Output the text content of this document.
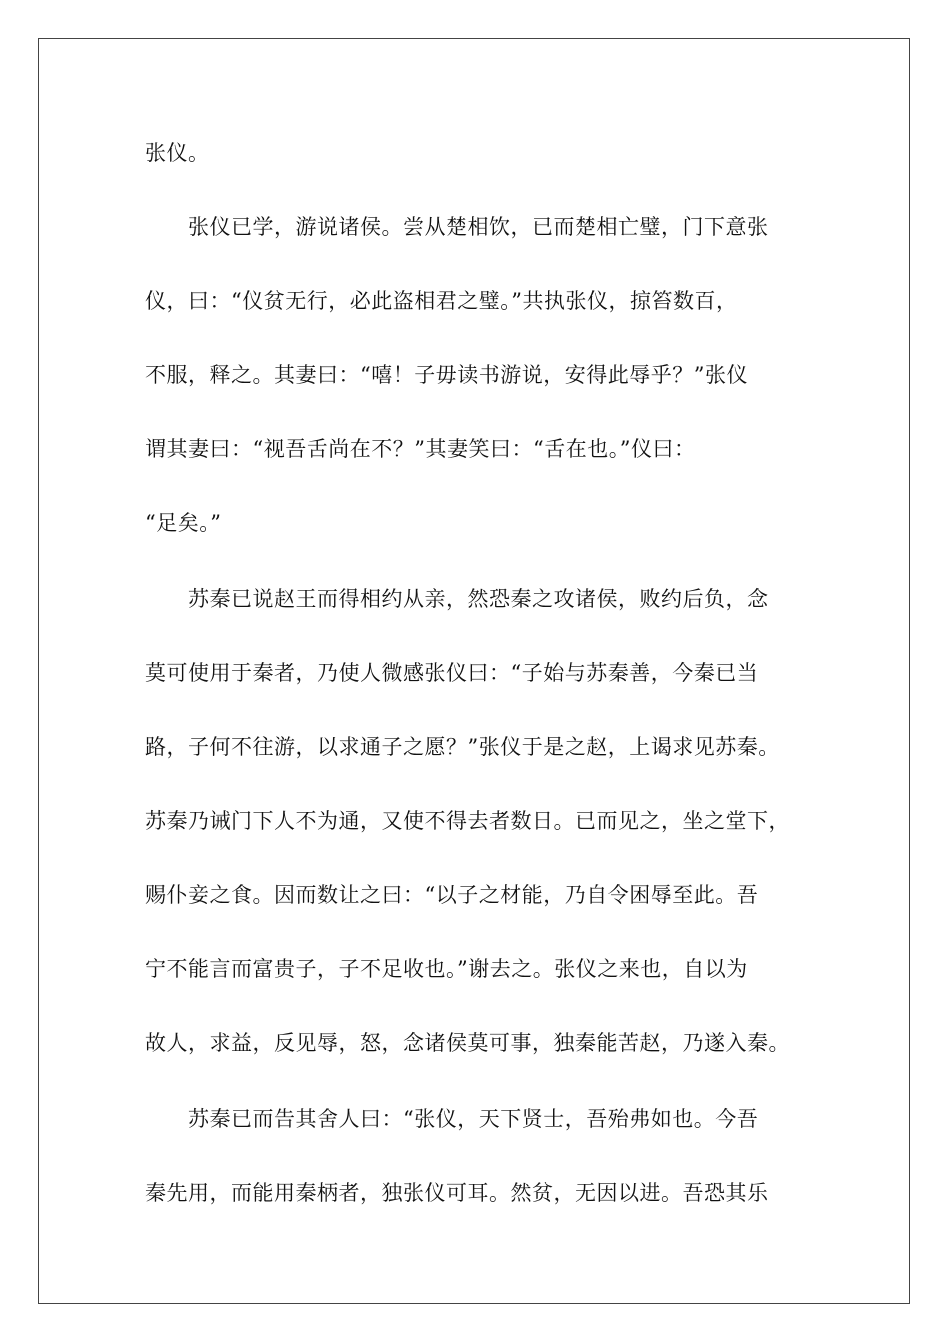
张仪。
张仪已学，游说诸侯。尝从楚相饮，已而楚相亡璧，门下意张
仪，曰：“仪贫无行，必此盗相君之璧。”共执张仪，掠笞数百，
不服，释之。其妻曰：“嘻！子毋读书游说，安得此辱乎？”张仪
谓其妻曰：“视吾舌尚在不？”其妻笑曰：“舌在也。”仪曰：
“足矣。”
苏秦已说赵王而得相约从亲，然恐秦之攻诸侯，败约后负，念
莫可使用于秦者，乃使人微感张仪曰：“子始与苏秦善，今秦已当
路，子何不往游，以求通子之愿？”张仪于是之赵，上谒求见苏秦。
苏秦乃诫门下人不为通，又使不得去者数日。已而见之，坐之堂下，
赐仆妾之食。因而数让之曰：“以子之材能，乃自令困辱至此。吾
宁不能言而富贵子，子不足收也。”谢去之。张仪之来也，自以为
故人，求益，反见辱，怒，念诸侯莫可事，独秦能苦赵，乃遂入秦。
苏秦已而告其舍人曰：“张仪，天下贤士，吾殆弗如也。今吾
秦先用，而能用秦柄者，独张仪可耳。然贫，无因以进。吾恐其乐
